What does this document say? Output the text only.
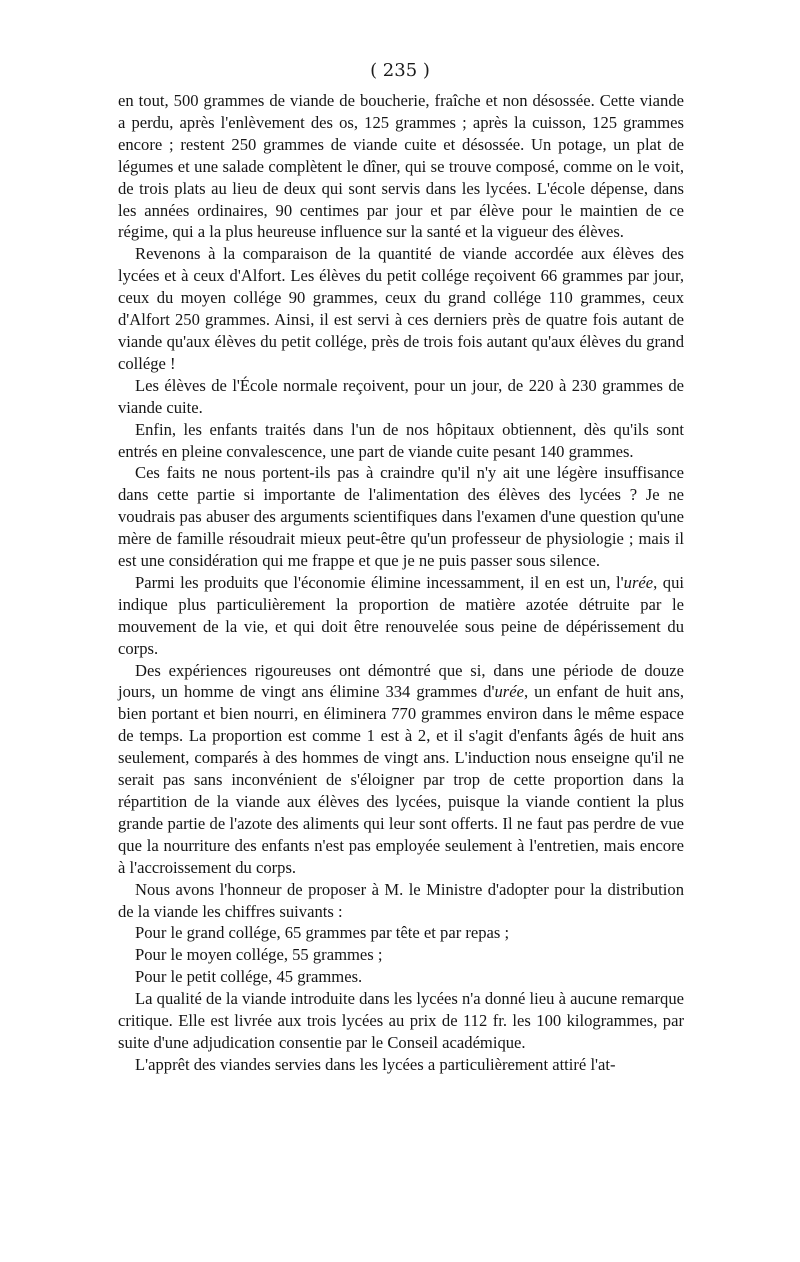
( 235 )

en tout, 500 grammes de viande de boucherie, fraîche et non désossée. Cette viande a perdu, après l'enlèvement des os, 125 grammes ; après la cuisson, 125 grammes encore ; restent 250 grammes de viande cuite et désossée. Un potage, un plat de légumes et une salade complètent le dîner, qui se trouve composé, comme on le voit, de trois plats au lieu de deux qui sont servis dans les lycées. L'école dépense, dans les années ordinaires, 90 centimes par jour et par élève pour le maintien de ce régime, qui a la plus heureuse influence sur la santé et la vigueur des élèves.

Revenons à la comparaison de la quantité de viande accordée aux élèves des lycées et à ceux d'Alfort. Les élèves du petit collége reçoivent 66 grammes par jour, ceux du moyen collége 90 grammes, ceux du grand collége 110 grammes, ceux d'Alfort 250 grammes. Ainsi, il est servi à ces derniers près de quatre fois autant de viande qu'aux élèves du petit collége, près de trois fois autant qu'aux élèves du grand collége !

Les élèves de l'École normale reçoivent, pour un jour, de 220 à 230 grammes de viande cuite.

Enfin, les enfants traités dans l'un de nos hôpitaux obtiennent, dès qu'ils sont entrés en pleine convalescence, une part de viande cuite pesant 140 grammes.

Ces faits ne nous portent-ils pas à craindre qu'il n'y ait une légère insuffisance dans cette partie si importante de l'alimentation des élèves des lycées ? Je ne voudrais pas abuser des arguments scientifiques dans l'examen d'une question qu'une mère de famille résoudrait mieux peut-être qu'un professeur de physiologie ; mais il est une considération qui me frappe et que je ne puis passer sous silence.

Parmi les produits que l'économie élimine incessamment, il en est un, l'urée, qui indique plus particulièrement la proportion de matière azotée détruite par le mouvement de la vie, et qui doit être renouvelée sous peine de dépérissement du corps.

Des expériences rigoureuses ont démontré que si, dans une période de douze jours, un homme de vingt ans élimine 334 grammes d'urée, un enfant de huit ans, bien portant et bien nourri, en éliminera 770 grammes environ dans le même espace de temps. La proportion est comme 1 est à 2, et il s'agit d'enfants âgés de huit ans seulement, comparés à des hommes de vingt ans. L'induction nous enseigne qu'il ne serait pas sans inconvénient de s'éloigner par trop de cette proportion dans la répartition de la viande aux élèves des lycées, puisque la viande contient la plus grande partie de l'azote des aliments qui leur sont offerts. Il ne faut pas perdre de vue que la nourriture des enfants n'est pas employée seulement à l'entretien, mais encore à l'accroissement du corps.

Nous avons l'honneur de proposer à M. le Ministre d'adopter pour la distribution de la viande les chiffres suivants :

Pour le grand collége, 65 grammes par tête et par repas ;

Pour le moyen collége, 55 grammes ;

Pour le petit collége, 45 grammes.

La qualité de la viande introduite dans les lycées n'a donné lieu à aucune remarque critique. Elle est livrée aux trois lycées au prix de 112 fr. les 100 kilogrammes, par suite d'une adjudication consentie par le Conseil académique.

L'apprêt des viandes servies dans les lycées a particulièrement attiré l'at-
